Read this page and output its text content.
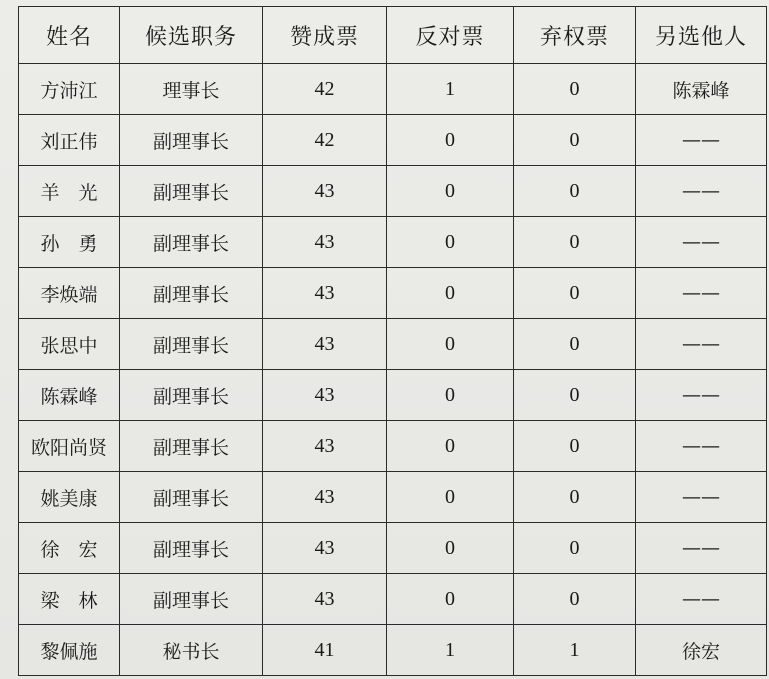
姓名	候选职务	赞成票	反对票	弃权票	另选他人
方沛江	理事长	42	1	0	陈霖峰
刘正伟	副理事长	42	0	0	——
羊　光	副理事长	43	0	0	——
孙　勇	副理事长	43	0	0	——
李焕端	副理事长	43	0	0	——
张思中	副理事长	43	0	0	——
陈霖峰	副理事长	43	0	0	——
欧阳尚贤	副理事长	43	0	0	——
姚美康	副理事长	43	0	0	——
徐　宏	副理事长	43	0	0	——
梁　林	副理事长	43	0	0	——
黎佩施	秘书长	41	1	1	徐宏
